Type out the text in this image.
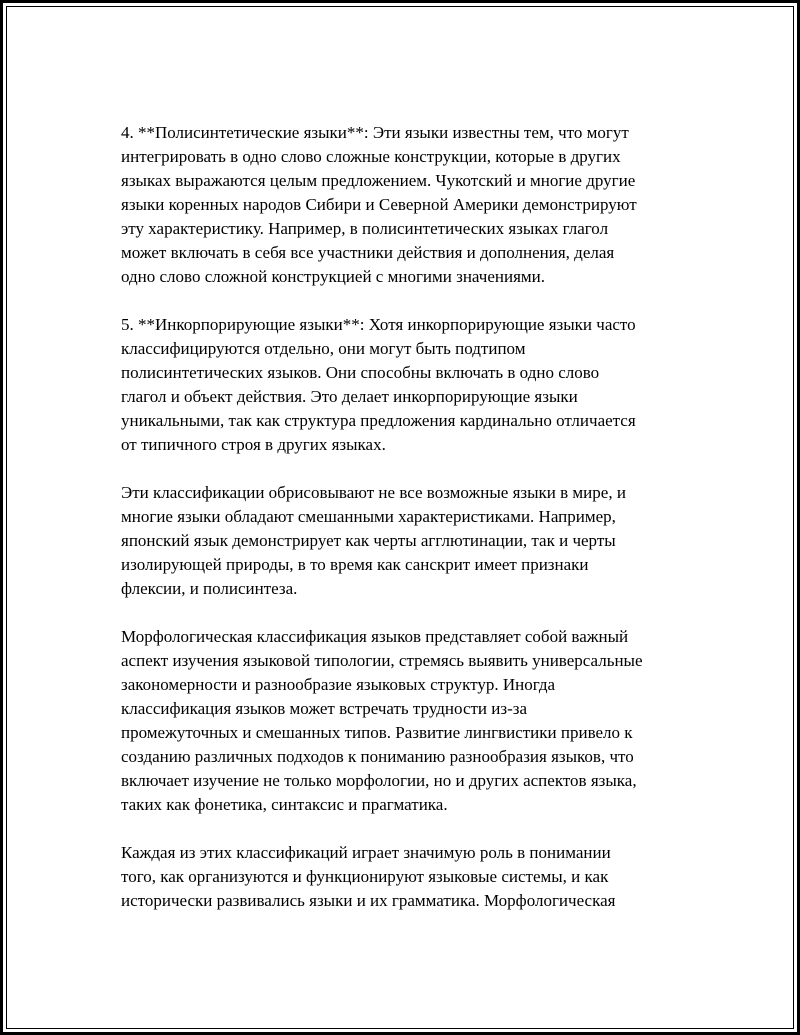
4. **Полисинтетические языки**: Эти языки известны тем, что могут
интегрировать в одно слово сложные конструкции, которые в других
языках выражаются целым предложением. Чукотский и многие другие
языки коренных народов Сибири и Северной Америки демонстрируют
эту характеристику. Например, в полисинтетических языках глагол
может включать в себя все участники действия и дополнения, делая
одно слово сложной конструкцией с многими значениями.

5. **Инкорпорирующие языки**: Хотя инкорпорирующие языки часто
классифицируются отдельно, они могут быть подтипом
полисинтетических языков. Они способны включать в одно слово
глагол и объект действия. Это делает инкорпорирующие языки
уникальными, так как структура предложения кардинально отличается
от типичного строя в других языках.

Эти классификации обрисовывают не все возможные языки в мире, и
многие языки обладают смешанными характеристиками. Например,
японский язык демонстрирует как черты агглютинации, так и черты
изолирующей природы, в то время как санскрит имеет признаки
флексии, и полисинтеза.

Морфологическая классификация языков представляет собой важный
аспект изучения языковой типологии, стремясь выявить универсальные
закономерности и разнообразие языковых структур. Иногда
классификация языков может встречать трудности из-за
промежуточных и смешанных типов. Развитие лингвистики привело к
созданию различных подходов к пониманию разнообразия языков, что
включает изучение не только морфологии, но и других аспектов языка,
таких как фонетика, синтаксис и прагматика.

Каждая из этих классификаций играет значимую роль в понимании
того, как организуются и функционируют языковые системы, и как
исторически развивались языки и их грамматика. Морфологическая
